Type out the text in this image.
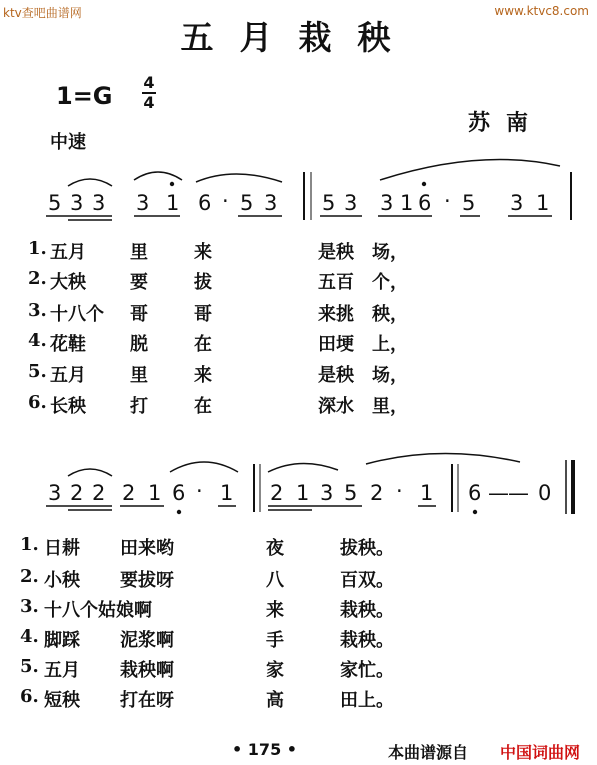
ktv查吧曲谱网	www.ktvc8.com
五月栽秧
1=G 4
4
中速
苏南
5 3 3 3 1 6 · 5 3 5 3 3 1 6 · 5 3 1
3 2 2 2 1 6 · 1 2 1 3 5 2 · 1 6 — — 0
1. 五月 里	来	是秧 场，
2. 大秧 要	拔	五百 个，
3. 十八个 哥	哥	来挑 秧，
4. 花鞋 脱	在	田埂 上，
5. 五月 里	来	是秧 场，
6. 长秧 打	在	深水 里，
1. 日耕 田来哟	夜	拔秧。
2. 小秧 要拔呀	八	百双。
3. 十八个姑娘啊	来	栽秧。
4. 脚踩 泥浆啊	手	栽秧。
5. 五月 栽秧啊	家	家忙。
6. 短秧 打在呀	高	田上。
• 175 •	本曲谱源自 中国词曲网
